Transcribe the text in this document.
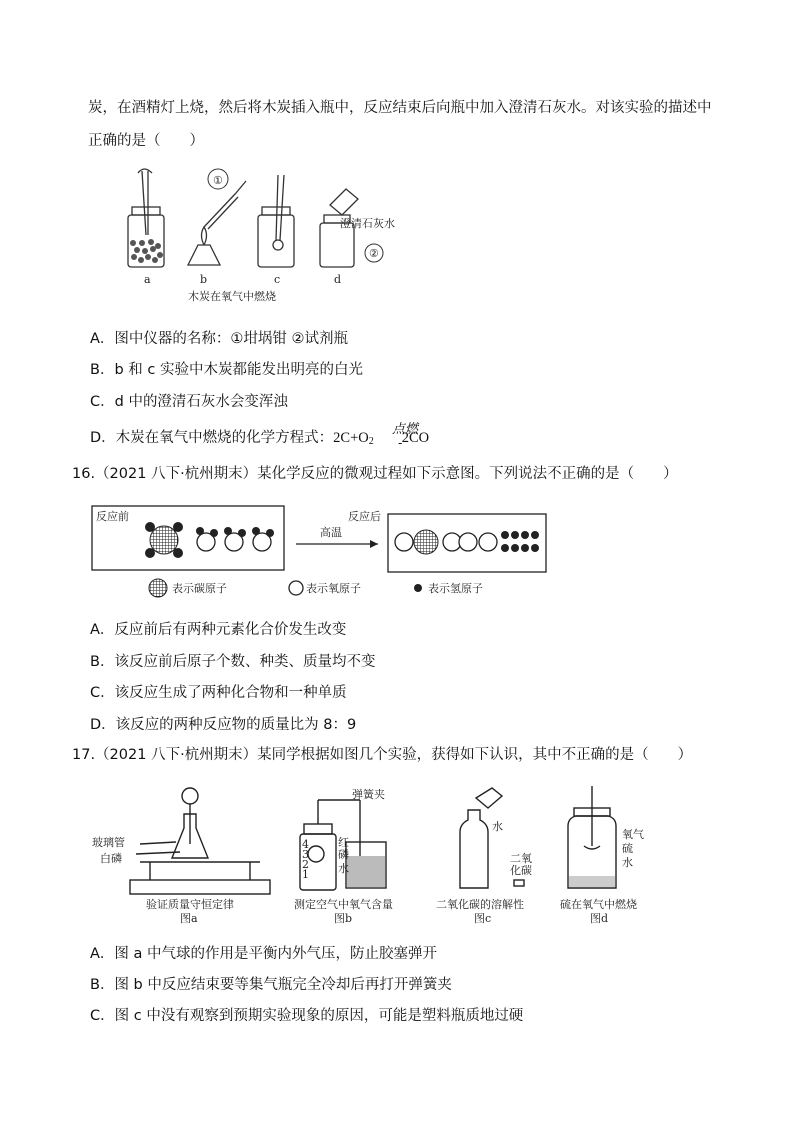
炭，在酒精灯上烧，然后将木炭插入瓶中，反应结束后向瓶中加入澄清石灰水。对该实验的描述中
正确的是（　　）
①
澄清石灰水
②
a	b	c	d
木炭在氧气中燃烧
A．图中仪器的名称：①坩埚钳 ②试剂瓶
B．b 和 c 实验中木炭都能发出明亮的白光
C．d 中的澄清石灰水会变浑浊
D．木炭在氧气中燃烧的化学方程式：$2C+O_2$ 2CO
点燃
-
16.（2021 八下·杭州期末）某化学反应的微观过程如下示意图。下列说法不正确的是（　　）
反应前
高温
反应后
表示碳原子	表示氧原子	表示氢原子
A．反应前后有两种元素化合价发生改变
B．该反应前后原子个数、种类、质量均不变
C．该反应生成了两种化合物和一种单质
D．该反应的两种反应物的质量比为 8：9
17.（2021 八下·杭州期末）某同学根据如图几个实验，获得如下认识，其中不正确的是（　　）
玻璃管
白磷
验证质量守恒定律
图a
弹簧夹
4
3
2
1
红
磷
水
测定空气中氧气含量
图b
水
二氧
化碳
二氧化碳的溶解性
图c
氧气
硫
水
硫在氧气中燃烧
图d
A．图 a 中气球的作用是平衡内外气压，防止胶塞弹开
B．图 b 中反应结束要等集气瓶完全冷却后再打开弹簧夹
C．图 c 中没有观察到预期实验现象的原因，可能是塑料瓶质地过硬
